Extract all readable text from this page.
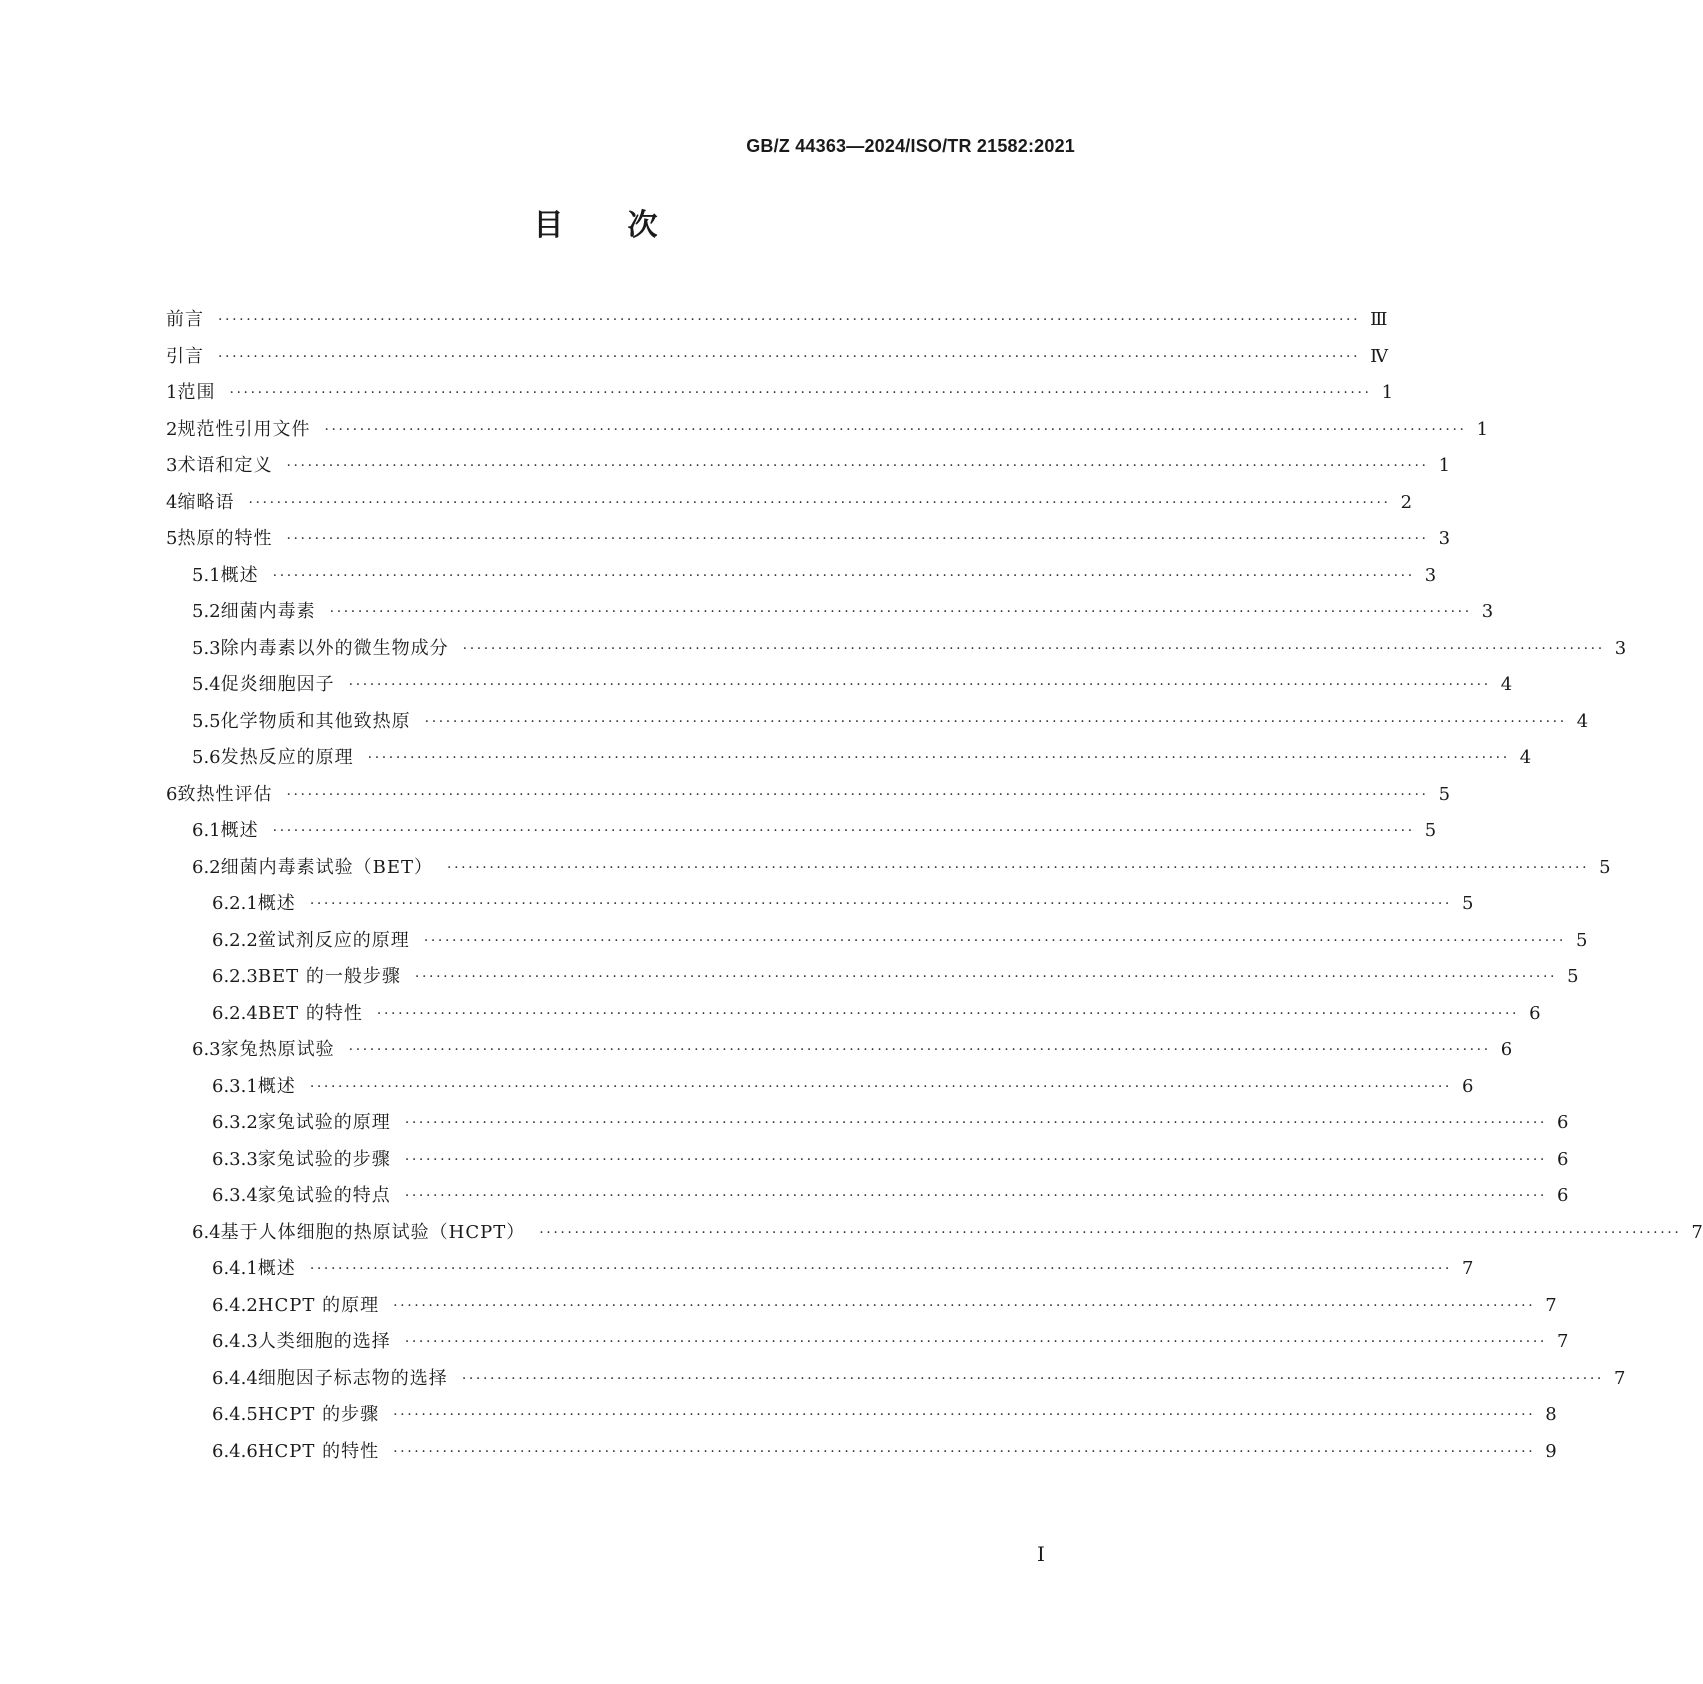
GB/Z 44363—2024/ISO/TR 21582:2021
目次
前言 ·································································································································································· Ⅲ
引言 ·································································································································································· Ⅳ
1 范围 ·································································································································································· 1
2 规范性引用文件 ·································································································································································· 1
3 术语和定义 ·································································································································································· 1
4 缩略语 ·································································································································································· 2
5 热原的特性 ·································································································································································· 3
5.1 概述 ·································································································································································· 3
5.2 细菌内毒素 ·································································································································································· 3
5.3 除内毒素以外的微生物成分 ·································································································································································· 3
5.4 促炎细胞因子 ·································································································································································· 4
5.5 化学物质和其他致热原 ·································································································································································· 4
5.6 发热反应的原理 ·································································································································································· 4
6 致热性评估 ·································································································································································· 5
6.1 概述 ·································································································································································· 5
6.2 细菌内毒素试验（BET） ·································································································································································· 5
6.2.1 概述 ·································································································································································· 5
6.2.2 鲎试剂反应的原理 ·································································································································································· 5
6.2.3 BET 的一般步骤 ·································································································································································· 5
6.2.4 BET 的特性 ·································································································································································· 6
6.3 家兔热原试验 ·································································································································································· 6
6.3.1 概述 ·································································································································································· 6
6.3.2 家兔试验的原理 ·································································································································································· 6
6.3.3 家兔试验的步骤 ·································································································································································· 6
6.3.4 家兔试验的特点 ·································································································································································· 6
6.4 基于人体细胞的热原试验（HCPT） ·································································································································································· 7
6.4.1 概述 ·································································································································································· 7
6.4.2 HCPT 的原理 ·································································································································································· 7
6.4.3 人类细胞的选择 ·································································································································································· 7
6.4.4 细胞因子标志物的选择 ·································································································································································· 7
6.4.5 HCPT 的步骤 ·································································································································································· 8
6.4.6 HCPT 的特性 ·································································································································································· 9
I
